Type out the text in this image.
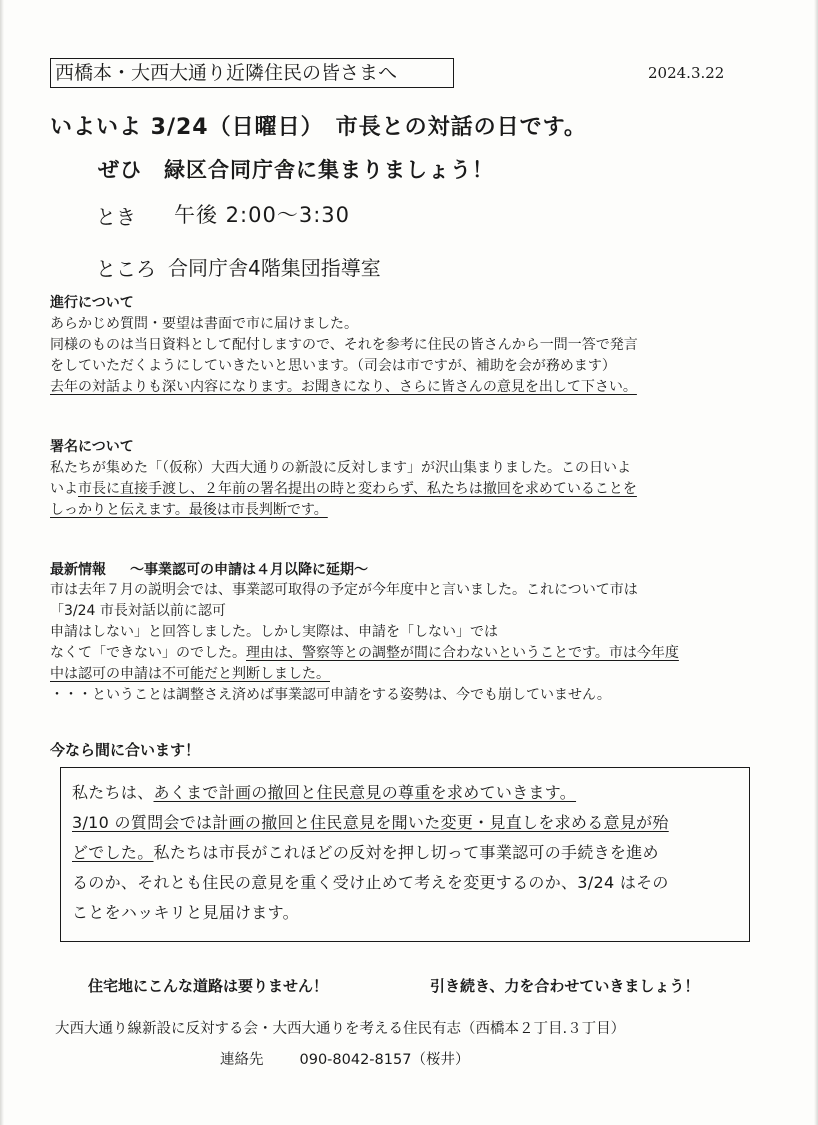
西橋本・大西大通り近隣住民の皆さまへ	2024.3.22
いよいよ 3/24（日曜日）　市長との対話の日です。
ぜひ　緑区合同庁舎に集まりましょう！
とき 午後 2:00～3:30
ところ 合同庁舎4階集団指導室
進行について
あらかじめ質問・要望は書面で市に届けました。
同様のものは当日資料として配付しますので、それを参考に住民の皆さんから一問一答で発言
をしていただくようにしていきたいと思います。（司会は市ですが、補助を会が務めます）
去年の対話よりも深い内容になります。お聞きになり、さらに皆さんの意見を出して下さい。
署名について
私たちが集めた「（仮称）大西大通りの新設に反対します」が沢山集まりました。この日いよ
いよ市長に直接手渡し、２年前の署名提出の時と変わらず、私たちは撤回を求めていることを
しっかりと伝えます。最後は市長判断です。
最新情報 ～事業認可の申請は４月以降に延期～
市は去年７月の説明会では、事業認可取得の予定が今年度中と言いました。これについて市は
「3/24 市長対話以前に認可
申請はしない」と回答しました。しかし実際は、申請を「しない」では
なくて「できない」のでした。理由は、警察等との調整が間に合わないということです。市は今年度
中は認可の申請は不可能だと判断しました。
・・・ということは調整さえ済めば事業認可申請をする姿勢は、今でも崩していません。
今なら間に合います！
私たちは、あくまで計画の撤回と住民意見の尊重を求めていきます。
3/10 の質問会では計画の撤回と住民意見を聞いた変更・見直しを求める意見が殆
どでした。私たちは市長がこれほどの反対を押し切って事業認可の手続きを進め
るのか、それとも住民の意見を重く受け止めて考えを変更するのか、3/24 はその
ことをハッキリと見届けます。
住宅地にこんな道路は要りません！	引き続き、力を合わせていきましょう！
大西大通り線新設に反対する会・大西大通りを考える住民有志（西橋本２丁目.３丁目）
連絡先 090-8042-8157（桜井）
